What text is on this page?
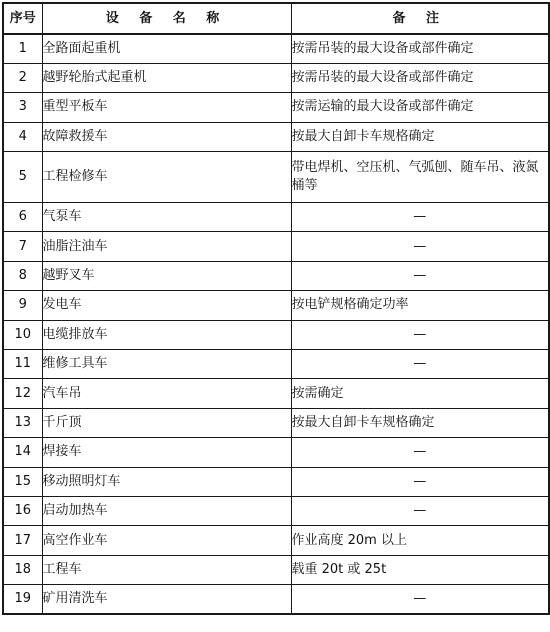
序号	设 备 名 称	备 注
1	全路面起重机	按需吊装的最大设备或部件确定
2	越野轮胎式起重机	按需吊装的最大设备或部件确定
3	重型平板车	按需运输的最大设备或部件确定
4	故障救援车	按最大自卸卡车规格确定
5	工程检修车	带电焊机、空压机、气弧刨、随车吊、液氮桶等
6	气泵车	—
7	油脂注油车	—
8	越野叉车	—
9	发电车	按电铲规格确定功率
10	电缆排放车	—
11	维修工具车	—
12	汽车吊	按需确定
13	千斤顶	按最大自卸卡车规格确定
14	焊接车	—
15	移动照明灯车	—
16	启动加热车	—
17	高空作业车	作业高度 20m 以上
18	工程车	载重 20t 或 25t
19	矿用清洗车	—
